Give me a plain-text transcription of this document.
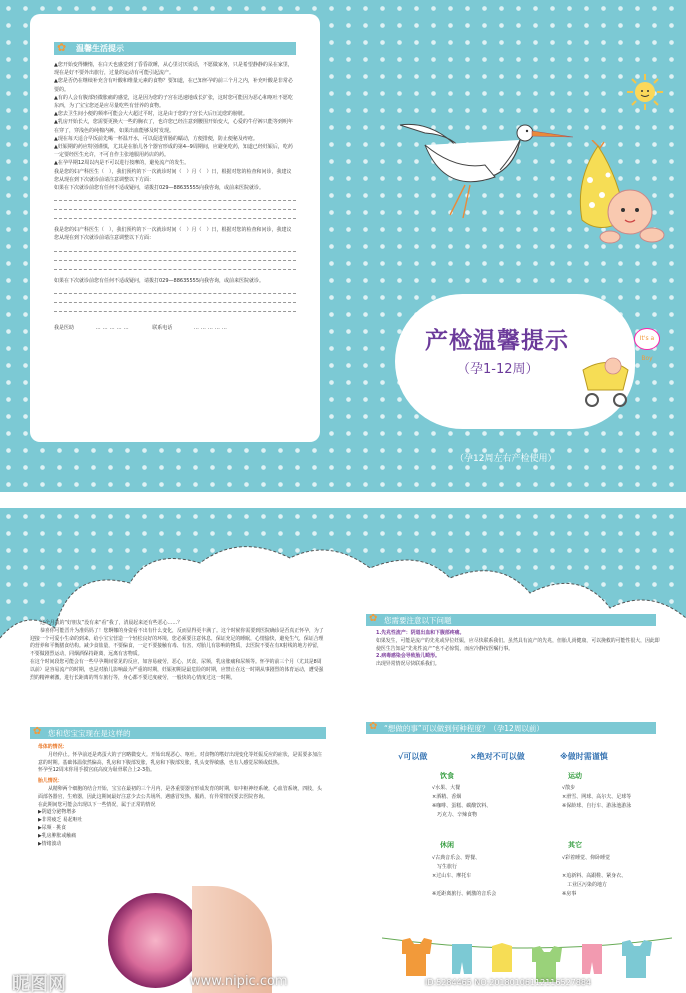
✿ 温馨生活提示

▲您开始变得懒惰，在白天也感觉到了昏昏欲睡，从心里讨厌说话，不愿做家务，只是希望静静的呆在家里，现在是好不要外出旅行，过量的运动有可能引起流产。

▲您是否仍在继续补充含有叶酸和维量元素的食物？要知道，在已知怀孕的前三个月之内，补充叶酸是非常必要的。

▲有的人会有腹部轻微胀痛的感觉，这是因为您的子宫在迅速地成长扩张，这时您可能因为恶心和呕吐不愿吃东西，为了宝宝您还是应尽量吃些有营养的食物。

▲您去卫生间小便的频率可能会大大超过平时，这是由于您的子宫长大后压迫您的膀胱。

▲乳房开始长大，您需要更换大一些的胸衣了，也许您已经注意到腰围开始变大，心爱的牛仔裤只能等到明年在穿了，穿浅色的纯棉内裤，如果出血能够及时发现。

▲现在每天适合早饭前先喝一杯温开水，可以促进胃肠的蠕动，方便排便，防止便秘及痔疮。

▲妊娠期的药应特别谨慎，尤其是在胎儿各个器官形成的第4--9周期间，应避免吃药，知道已经妊娠后，吃药一定要经医生允许，不可自作主张地服用药店的药。

▲在孕早期12周以内是不可以进行按摩的，避免流产的发生。

我是您的妇产科医生（　），我们预约的下一次就诊时间（　）月（　）日，根据对您的检查和问诊，我建议您从现在到下次就诊前请注意调整以下方面：

如果在下次就诊前您有任何不适或疑问，请拨打029—88635555向我咨询，或前来医院就诊。

我是您的妇产科医生（　），我们预约的下一次就诊时间（　）月（　）日，根据对您的检查和问诊，我建议您从现在到下次就诊前请注意调整以下方面：

如果在下次就诊前您有任何不适或疑问，请拨打029—88635555向我咨询，或前来医院就诊。

我是医助	……………	联系电话	……………
产检温馨提示
（孕1-12周）
It's a Boy
（孕12周左右产检使用）

这个月我的“好朋友”没有来“看”我了，清晨起来还有些恶心……？

恭喜你可能晋升为准妈妈了！您婀娜的身姿看不出有什么变化，反而显得更丰满了。这个时候你需要到医院确诊是否真正怀孕，为了迎接一个可爱小生命的到来，给小宝宝营造一个轻松良好的环境，您必须要注意休息，保证充足的睡眠，心情愉快，避免生气，保证合理的营养和平衡膳食结构。减少食盐量，不要偏食，一定不要接触有毒、有害，对胎儿有影响的物质，去医院不要在有X射线的地方停留，不要做剧烈运动，同烟酒保持距离，远离有害物质。

在这个时间段您可能会有一些早孕期间常见的反应，如容易疲劳，恶心，厌食，尿频，乳房胀痛和尿频等。怀孕的前三个月（尤其是8周以前）是容易流产的时期，也是对胎儿影响最为严重的时期，妊娠初期是最危险的时期，应禁止在这一时期从事剧烈的体育运动，遭受强烈的精神刺激，进行长距离的驾车旅行等，身心都不要过度疲劳，一般快的心情度过这一时期。

✿ 您和您宝宝现在是这样的

母体的情况：

月经停止。怀孕前还是鸡蛋大的子宫略微变大。开始出现恶心、呕吐。对食物的嗜好出现变化等妊娠反应的症状，是需要多加注意的时期。基础体温依然偏高，乳房和下腹部发胀，乳房和下腹部发胀，乳头变得敏感，也有人感觉尿频或低热。

怀孕至12周末你用手摸宫底高度为耻骨联合上2-3指。

胎儿情况：

从精卵两个细胞的结合开始，宝宝在最初的三个月内，是各重要器官形成发育的时期，如中枢神经系统，心血管系统，四肢，头面部各器官，生殖器，因此这期间最好注意少去公共场所，遇感冒发热、服药，有异常情况要去医院咨询。

在此期间您可能会出现以下一些情况，属于正常的情况

▶阴道分泌物增多

▶非常疲乏 易起呕吐

▶尿频 · 挑食

▶乳房肿胀或触痛

▶情绪波动

✿ 您需要注意以下问题

1.先兆性流产：阴道出血和下腹部疼痛。

如果发生，可能是流产的先兆或异位妊娠，应尽快联系我们。虽然具有流产的先兆，但胎儿尚健康，可以挽救的可能性很大，因此即使医生告知是“先兆性流产”也不必惊慌，而应冷静按医嘱行事。

2.病毒感染会导致胎儿畸形。

出现异常情况尽快联系我们。

✿ “想做的事”可以做到何种程度？（孕12周以前）
√可以做	×绝对不可以做	※做时需谨慎
饮食
√水果、大餐
×酒精、香烟
※咖啡、蛋糕、碳酸饮料、
　巧克力、辛辣食物
运动
√散步
×滑雪、网球、高尔夫、足球等
※保龄球、自行车、游泳池游泳
休闲
√古典音乐会、野餐、
　写生旅行
×过山车、摩托车

※近距离旅行、刺激的音乐会
其它
√彩着睡觉、仰卧睡觉

×追新料、高跟鞋、紧身衣、
　工业区污染的地方
※房事
昵图网	www.nipic.com	ID:5284465 NO:20180106112116527884
